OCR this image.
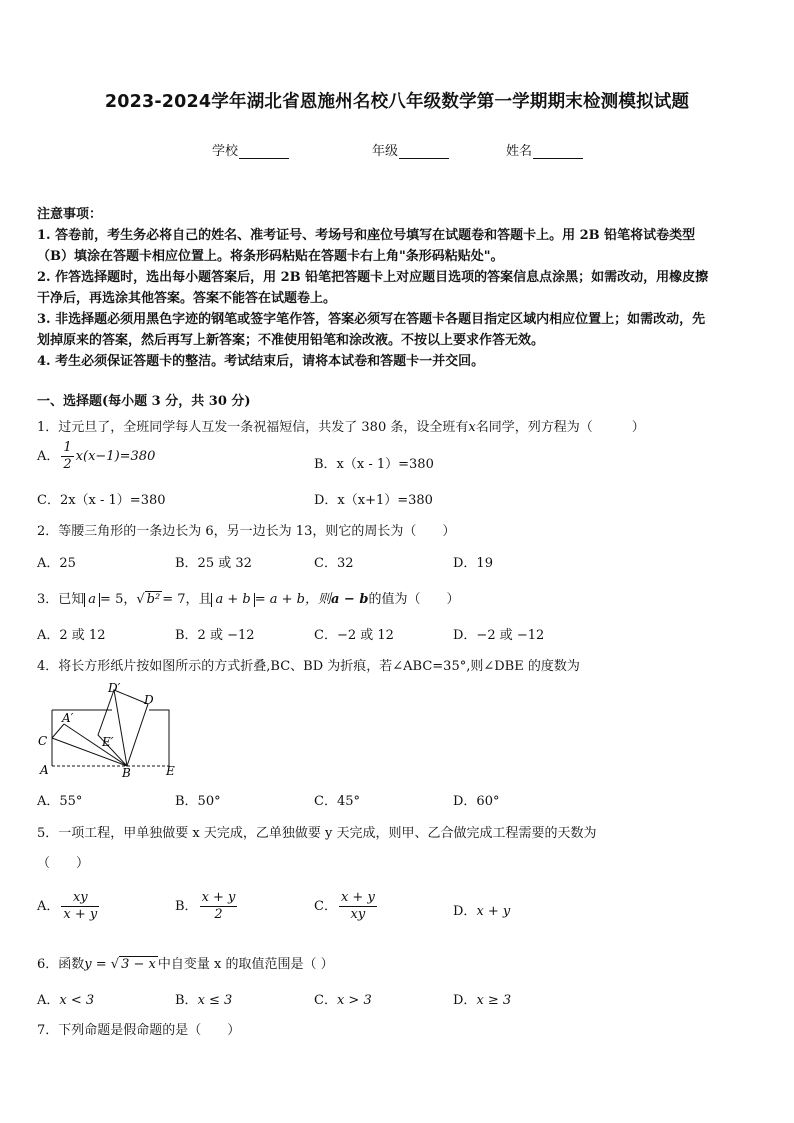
2023-2024学年湖北省恩施州名校八年级数学第一学期期末检测模拟试题
学校	年级	姓名
注意事项：
1. 答卷前，考生务必将自己的姓名、准考证号、考场号和座位号填写在试题卷和答题卡上。用 2B 铅笔将试卷类型
（B）填涂在答题卡相应位置上。将条形码粘贴在答题卡右上角"条形码粘贴处"。
2. 作答选择题时，选出每小题答案后，用 2B 铅笔把答题卡上对应题目选项的答案信息点涂黑；如需改动，用橡皮擦
干净后，再选涂其他答案。答案不能答在试题卷上。
3. 非选择题必须用黑色字迹的钢笔或签字笔作答，答案必须写在答题卡各题目指定区域内相应位置上；如需改动，先
划掉原来的答案，然后再写上新答案；不准使用铅笔和涂改液。不按以上要求作答无效。
4. 考生必须保证答题卡的整洁。考试结束后，请将本试卷和答题卡一并交回。
一、选择题(每小题 3 分，共 30 分)
1．过元旦了，全班同学每人互发一条祝福短信，共发了 380 条，设全班有x名同学，列方程为（　　　）
A． $\frac{1}{2} x(x-1)=380$
B．x（x - 1）=380
C．2x（x - 1）=380	D．x（x+1）=380
2．等腰三角形的一条边长为 6，另一边长为 13，则它的周长为（　　）
A．25	B．25 或 32	C．32	D．19
3．已知 a = 5，√ b² = 7，且 a + b = a + b，则a − b的值为（　　）
A．2 或 12	B．2 或 −12	C．−2 或 12	D．−2 或 −12
4．将长方形纸片按如图所示的方式折叠,BC、BD 为折痕，若∠ABC=35°,则∠DBE 的度数为
D′
D
A′
E′
C
A	B	E
A．55°	B．50°	C．45°	D．60°
5．一项工程，甲单独做要 x 天完成，乙单独做要 y 天完成，则甲、乙合做完成工程需要的天数为
（　　）
A． $\frac{xy}{x + y}$	B． $\frac{x + y}{2}$	C． $\frac{x + y}{xy}$	D．x + y
6．函数y = √ 3 − x 中自变量 x 的取值范围是（ ）
A．x < 3	B．x ≤ 3	C．x > 3	D．x ≥ 3
7．下列命题是假命题的是（　　）
